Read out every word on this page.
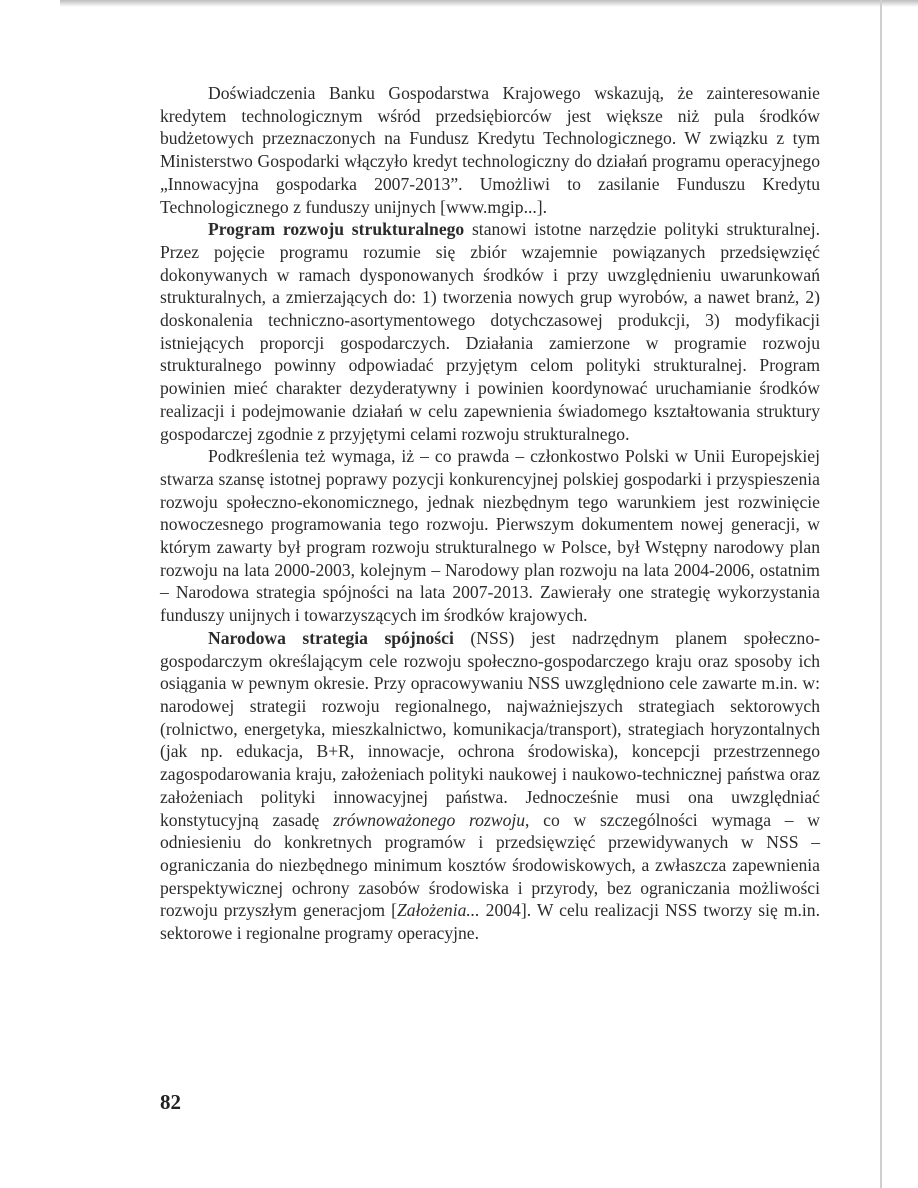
Doświadczenia Banku Gospodarstwa Krajowego wskazują, że zainteresowanie kredytem technologicznym wśród przedsiębiorców jest większe niż pula środków budżetowych przeznaczonych na Fundusz Kredytu Technologicznego. W związku z tym Ministerstwo Gospodarki włączyło kredyt technologiczny do działań programu operacyjnego „Innowacyjna gospodarka 2007-2013”. Umożliwi to zasilanie Funduszu Kredytu Technologicznego z funduszy unijnych [www.mgip...].

Program rozwoju strukturalnego stanowi istotne narzędzie polityki strukturalnej. Przez pojęcie programu rozumie się zbiór wzajemnie powiązanych przedsięwzięć dokonywanych w ramach dysponowanych środków i przy uwzględnieniu uwarunkowań strukturalnych, a zmierzających do: 1) tworzenia nowych grup wyrobów, a nawet branż, 2) doskonalenia techniczno-asortymentowego dotychczasowej produkcji, 3) modyfikacji istniejących proporcji gospodarczych. Działania zamierzone w programie rozwoju strukturalnego powinny odpowiadać przyjętym celom polityki strukturalnej. Program powinien mieć charakter dezyderatywny i powinien koordynować uruchamianie środków realizacji i podejmowanie działań w celu zapewnienia świadomego kształtowania struktury gospodarczej zgodnie z przyjętymi celami rozwoju strukturalnego.

Podkreślenia też wymaga, iż – co prawda – członkostwo Polski w Unii Europejskiej stwarza szansę istotnej poprawy pozycji konkurencyjnej polskiej gospodarki i przyspieszenia rozwoju społeczno-ekonomicznego, jednak niezbędnym tego warunkiem jest rozwinięcie nowoczesnego programowania tego rozwoju. Pierwszym dokumentem nowej generacji, w którym zawarty był program rozwoju strukturalnego w Polsce, był Wstępny narodowy plan rozwoju na lata 2000-2003, kolejnym – Narodowy plan rozwoju na lata 2004-2006, ostatnim – Narodowa strategia spójności na lata 2007-2013. Zawierały one strategię wykorzystania funduszy unijnych i towarzyszących im środków krajowych.

Narodowa strategia spójności (NSS) jest nadrzędnym planem społeczno-gospodarczym określającym cele rozwoju społeczno-gospodarczego kraju oraz sposoby ich osiągania w pewnym okresie. Przy opracowywaniu NSS uwzględniono cele zawarte m.in. w: narodowej strategii rozwoju regionalnego, najważniejszych strategiach sektorowych (rolnictwo, energetyka, mieszkalnictwo, komunikacja/transport), strategiach horyzontalnych (jak np. edukacja, B+R, innowacje, ochrona środowiska), koncepcji przestrzennego zagospodarowania kraju, założeniach polityki naukowej i naukowo-technicznej państwa oraz założeniach polityki innowacyjnej państwa. Jednocześnie musi ona uwzględniać konstytucyjną zasadę zrównoważonego rozwoju, co w szczególności wymaga – w odniesieniu do konkretnych programów i przedsięwzięć przewidywanych w NSS – ograniczania do niezbędnego minimum kosztów środowiskowych, a zwłaszcza zapewnienia perspektywicznej ochrony zasobów środowiska i przyrody, bez ograniczania możliwości rozwoju przyszłym generacjom [Założenia... 2004]. W celu realizacji NSS tworzy się m.in. sektorowe i regionalne programy operacyjne.

82
